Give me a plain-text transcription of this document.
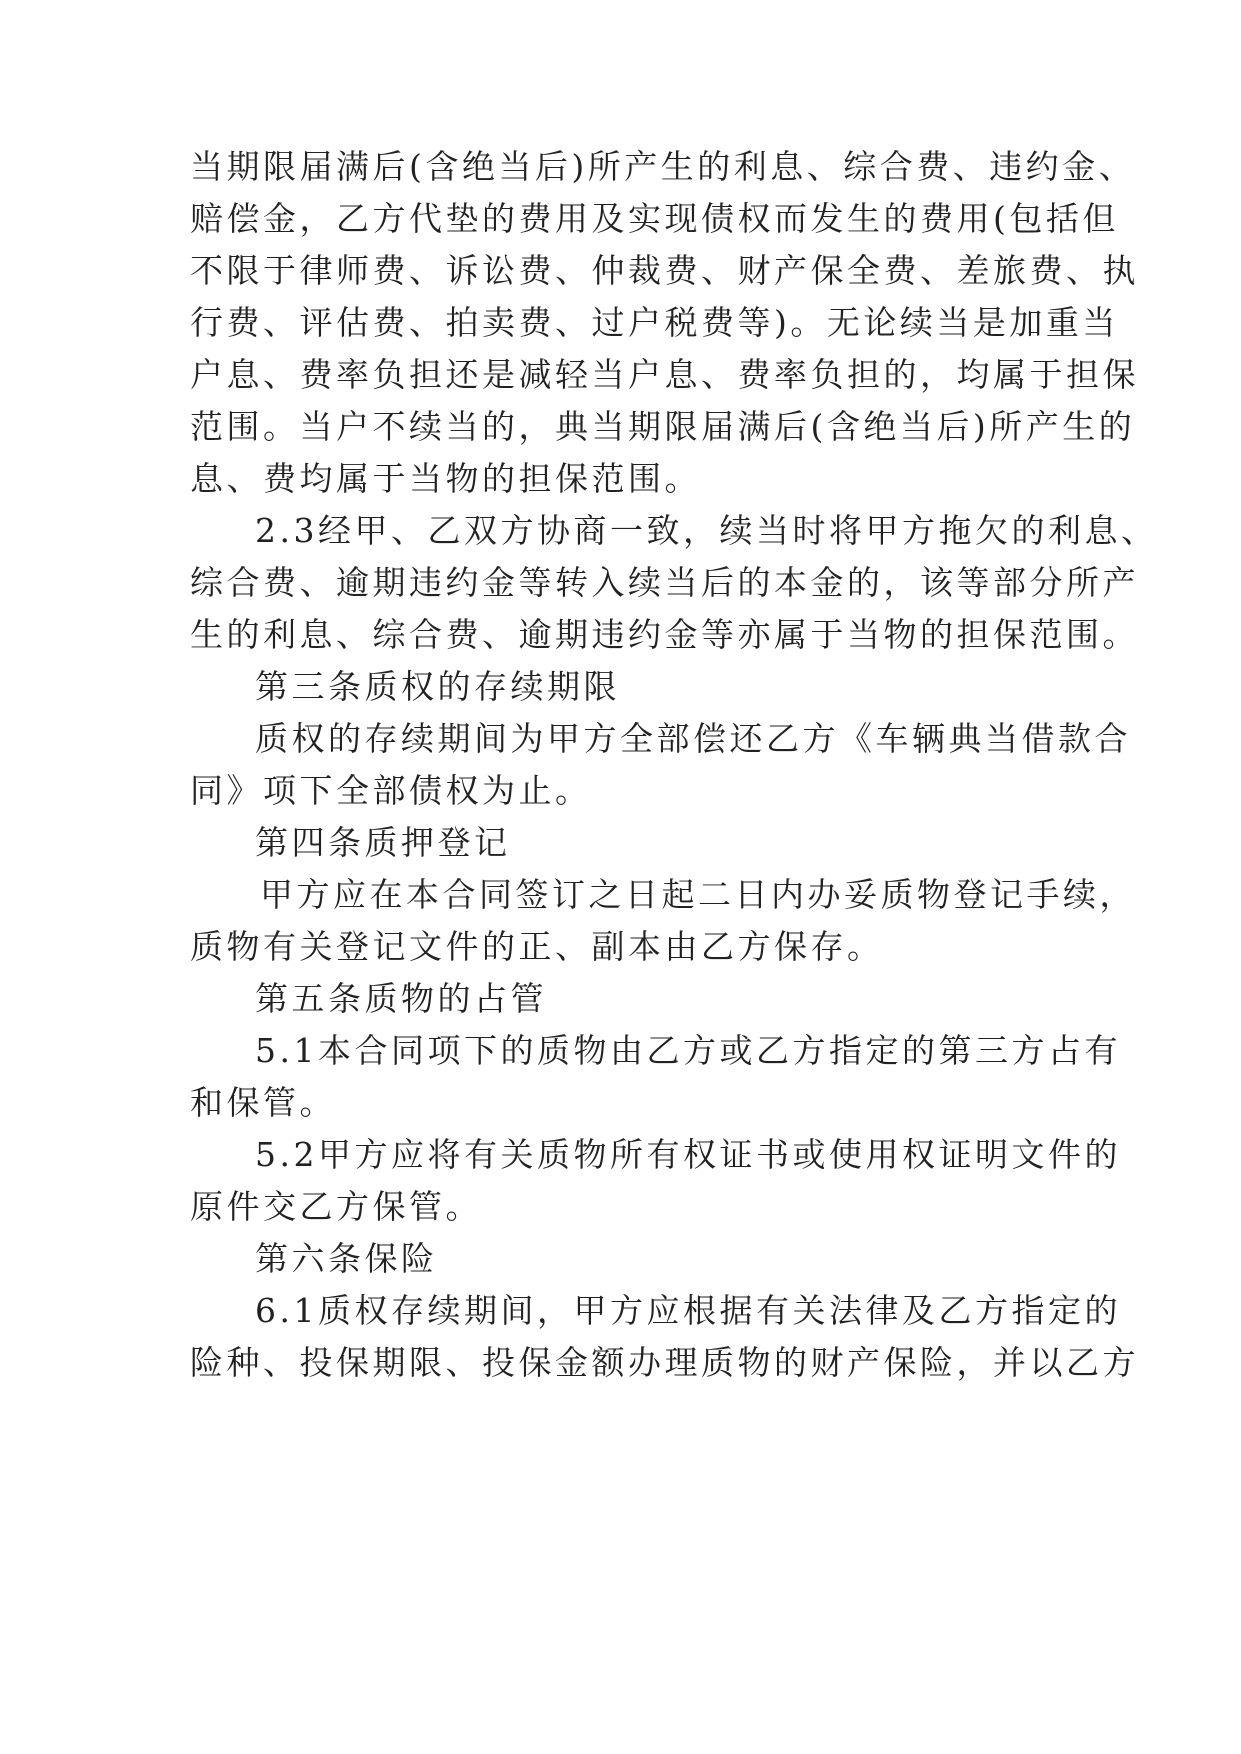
当期限届满后(含绝当后)所产生的利息、综合费、违约金、
赔偿金，乙方代垫的费用及实现债权而发生的费用(包括但
不限于律师费、诉讼费、仲裁费、财产保全费、差旅费、执
行费、评估费、拍卖费、过户税费等)。无论续当是加重当
户息、费率负担还是减轻当户息、费率负担的，均属于担保
范围。当户不续当的，典当期限届满后(含绝当后)所产生的
息、费均属于当物的担保范围。
2.3经甲、乙双方协商一致，续当时将甲方拖欠的利息、
综合费、逾期违约金等转入续当后的本金的，该等部分所产
生的利息、综合费、逾期违约金等亦属于当物的担保范围。
第三条质权的存续期限
质权的存续期间为甲方全部偿还乙方《车辆典当借款合
同》项下全部债权为止。
第四条质押登记
甲方应在本合同签订之日起二日内办妥质物登记手续，
质物有关登记文件的正、副本由乙方保存。
第五条质物的占管
5.1本合同项下的质物由乙方或乙方指定的第三方占有
和保管。
5.2甲方应将有关质物所有权证书或使用权证明文件的
原件交乙方保管。
第六条保险
6.1质权存续期间，甲方应根据有关法律及乙方指定的
险种、投保期限、投保金额办理质物的财产保险，并以乙方
